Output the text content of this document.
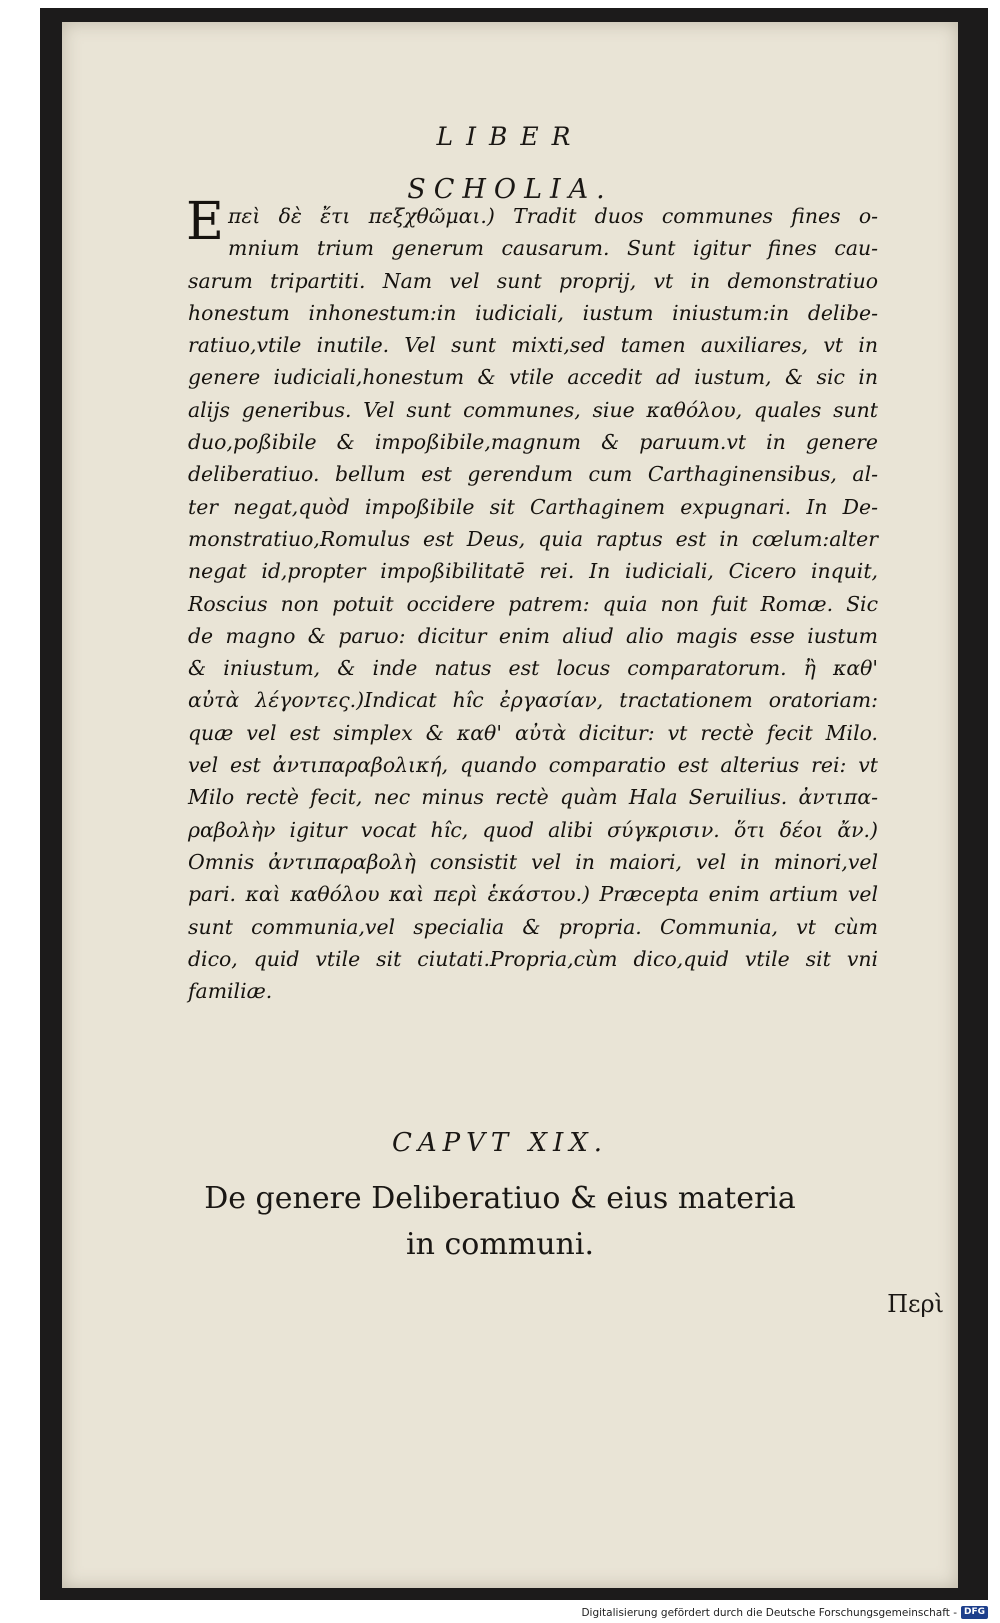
LIBER
SCHOLIA.
E πεὶ δὲ ἔτι πεξχθῶμαι.) Tradit duos communes fines o-
mnium trium generum causarum. Sunt igitur fines cau-
sarum tripartiti. Nam vel sunt proprij, vt in demonstratiuo
honestum inhonestum:in iudiciali, iustum iniustum:in delibe-
ratiuo,vtile inutile. Vel sunt mixti,sed tamen auxiliares, vt in
genere iudiciali,honestum & vtile accedit ad iustum, & sic in
alijs generibus. Vel sunt communes, siue καθόλου, quales sunt
duo,poßibile & impoßibile,magnum & paruum.vt in genere
deliberatiuo. bellum est gerendum cum Carthaginensibus, al-
ter negat,quòd impoßibile sit Carthaginem expugnari. In De-
monstratiuo,Romulus est Deus, quia raptus est in cœlum:alter
negat id,propter impoßibilitatē rei. In iudiciali, Cicero inquit,
Roscius non potuit occidere patrem: quia non fuit Romæ. Sic
de magno & paruo: dicitur enim aliud alio magis esse iustum
& iniustum, & inde natus est locus comparatorum. ἢ καθ'
αὐτὰ λέγοντες.)Indicat hîc ἐργασίαν, tractationem oratoriam:
quæ vel est simplex & καθ' αὐτὰ dicitur: vt rectè fecit Milo.
vel est ἀντιπαραβολική, quando comparatio est alterius rei: vt
Milo rectè fecit, nec minus rectè quàm Hala Seruilius. ἀντιπα-
ραβολὴν igitur vocat hîc, quod alibi σύγκρισιν. ὅτι δέοι ἄν.)
Omnis ἀντιπαραβολὴ consistit vel in maiori, vel in minori,vel
pari. καὶ καθόλου καὶ περὶ ἑκάστου.) Præcepta enim artium vel
sunt communia,vel specialia & propria. Communia, vt cùm
dico, quid vtile sit ciutati.Propria,cùm dico,quid vtile sit vni
familiæ.
CAPVT XIX.
De genere Deliberatiuo & eius materia
in communi.
Περὶ
Digitalisierung gefördert durch die Deutsche Forschungsgemeinschaft - DFG
